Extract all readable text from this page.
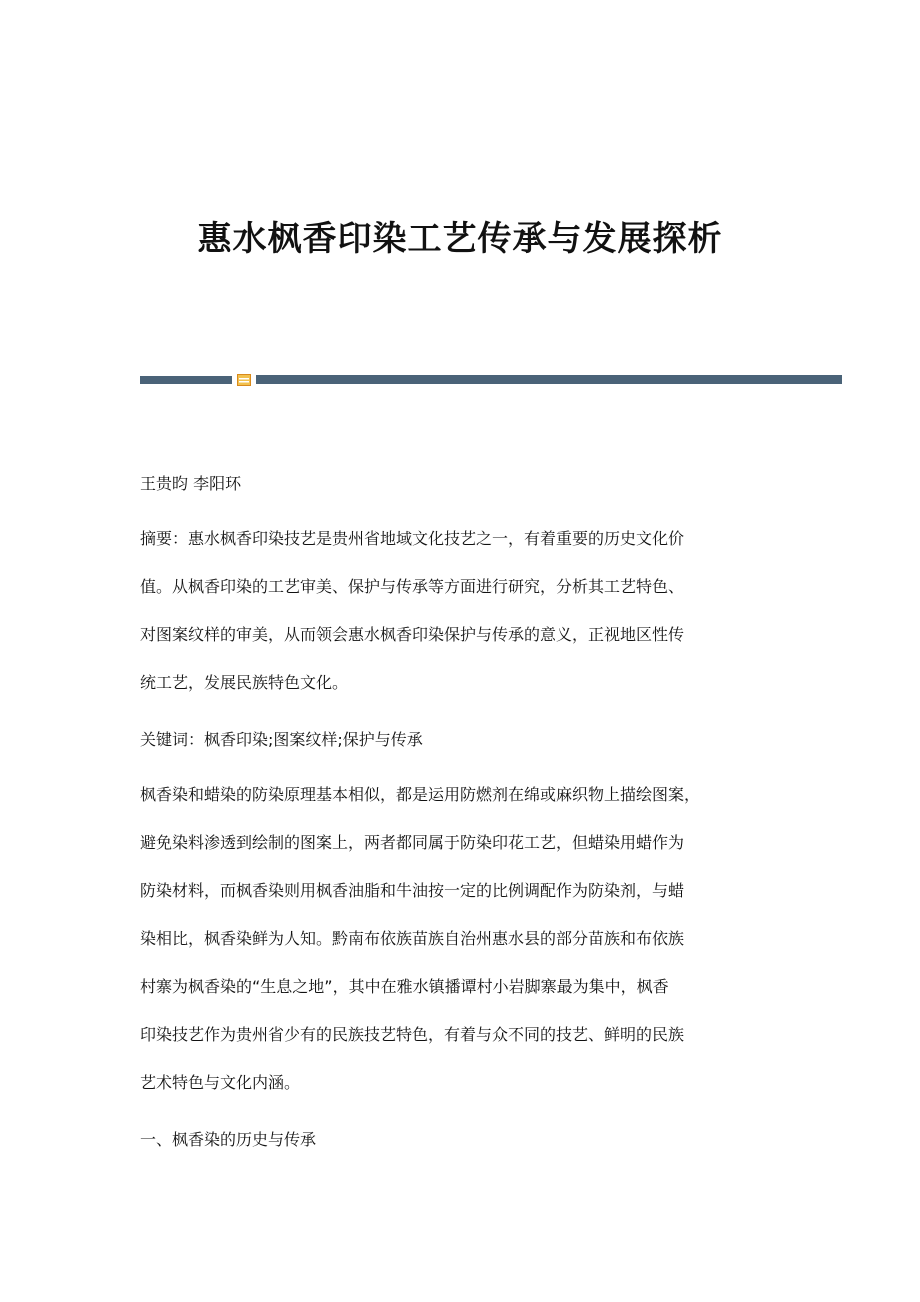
惠水枫香印染工艺传承与发展探析

王贵昀 李阳环

摘要：惠水枫香印染技艺是贵州省地域文化技艺之一，有着重要的历史文化价
值。从枫香印染的工艺审美、保护与传承等方面进行研究，分析其工艺特色、
对图案纹样的审美，从而领会惠水枫香印染保护与传承的意义，正视地区性传
统工艺，发展民族特色文化。

关键词：枫香印染;图案纹样;保护与传承

枫香染和蜡染的防染原理基本相似，都是运用防燃剂在绵或麻织物上描绘图案，
避免染料渗透到绘制的图案上，两者都同属于防染印花工艺，但蜡染用蜡作为
防染材料，而枫香染则用枫香油脂和牛油按一定的比例调配作为防染剂，与蜡
染相比，枫香染鲜为人知。黔南布依族苗族自治州惠水县的部分苗族和布依族
村寨为枫香染的“生息之地”，其中在雅水镇播谭村小岩脚寨最为集中，枫香
印染技艺作为贵州省少有的民族技艺特色，有着与众不同的技艺、鲜明的民族
艺术特色与文化内涵。

一、枫香染的历史与传承
